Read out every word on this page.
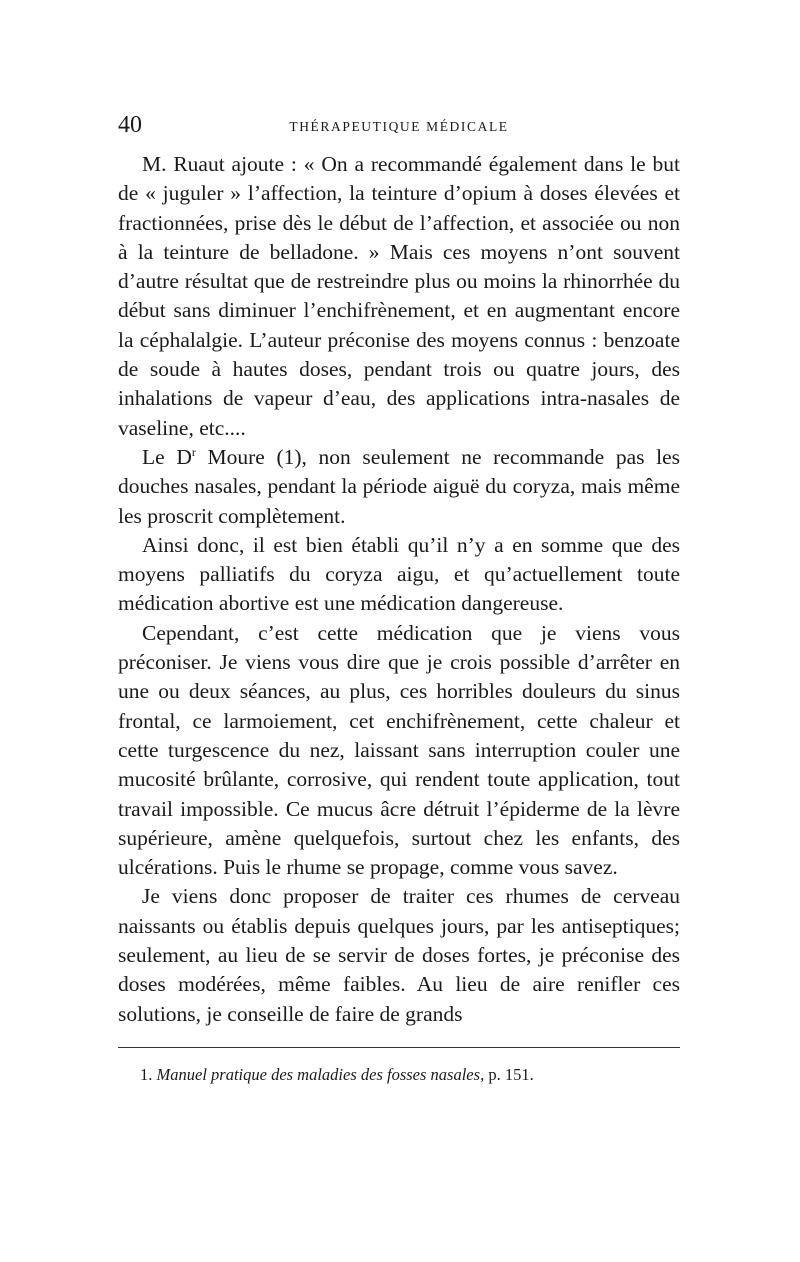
40	THÉRAPEUTIQUE MÉDICALE

M. Ruaut ajoute : « On a recommandé également dans le but de « juguler » l’affection, la teinture d’opium à doses élevées et fractionnées, prise dès le début de l’affection, et associée ou non à la teinture de belladone. » Mais ces moyens n’ont souvent d’autre résultat que de restreindre plus ou moins la rhinorrhée du début sans diminuer l’enchifrènement, et en augmentant encore la céphalalgie. L’auteur préconise des moyens connus : benzoate de soude à hautes doses, pendant trois ou quatre jours, des inhalations de vapeur d’eau, des applications intra-nasales de vaseline, etc....

Le $D^r$ Moure (1), non seulement ne recommande pas les douches nasales, pendant la période aiguë du coryza, mais même les proscrit complètement.

Ainsi donc, il est bien établi qu’il n’y a en somme que des moyens palliatifs du coryza aigu, et qu’actuellement toute médication abortive est une médication dangereuse.

Cependant, c’est cette médication que je viens vous préconiser. Je viens vous dire que je crois possible d’arrêter en une ou deux séances, au plus, ces horribles douleurs du sinus frontal, ce larmoiement, cet enchifrènement, cette chaleur et cette turgescence du nez, laissant sans interruption couler une mucosité brûlante, corrosive, qui rendent toute application, tout travail impossible. Ce mucus âcre détruit l’épiderme de la lèvre supérieure, amène quelquefois, surtout chez les enfants, des ulcérations. Puis le rhume se propage, comme vous savez.

Je viens donc proposer de traiter ces rhumes de cerveau naissants ou établis depuis quelques jours, par les antiseptiques; seulement, au lieu de se servir de doses fortes, je préconise des doses modérées, même faibles. Au lieu de aire renifler ces solutions, je conseille de faire de grands

1. Manuel pratique des maladies des fosses nasales, p. 151.
